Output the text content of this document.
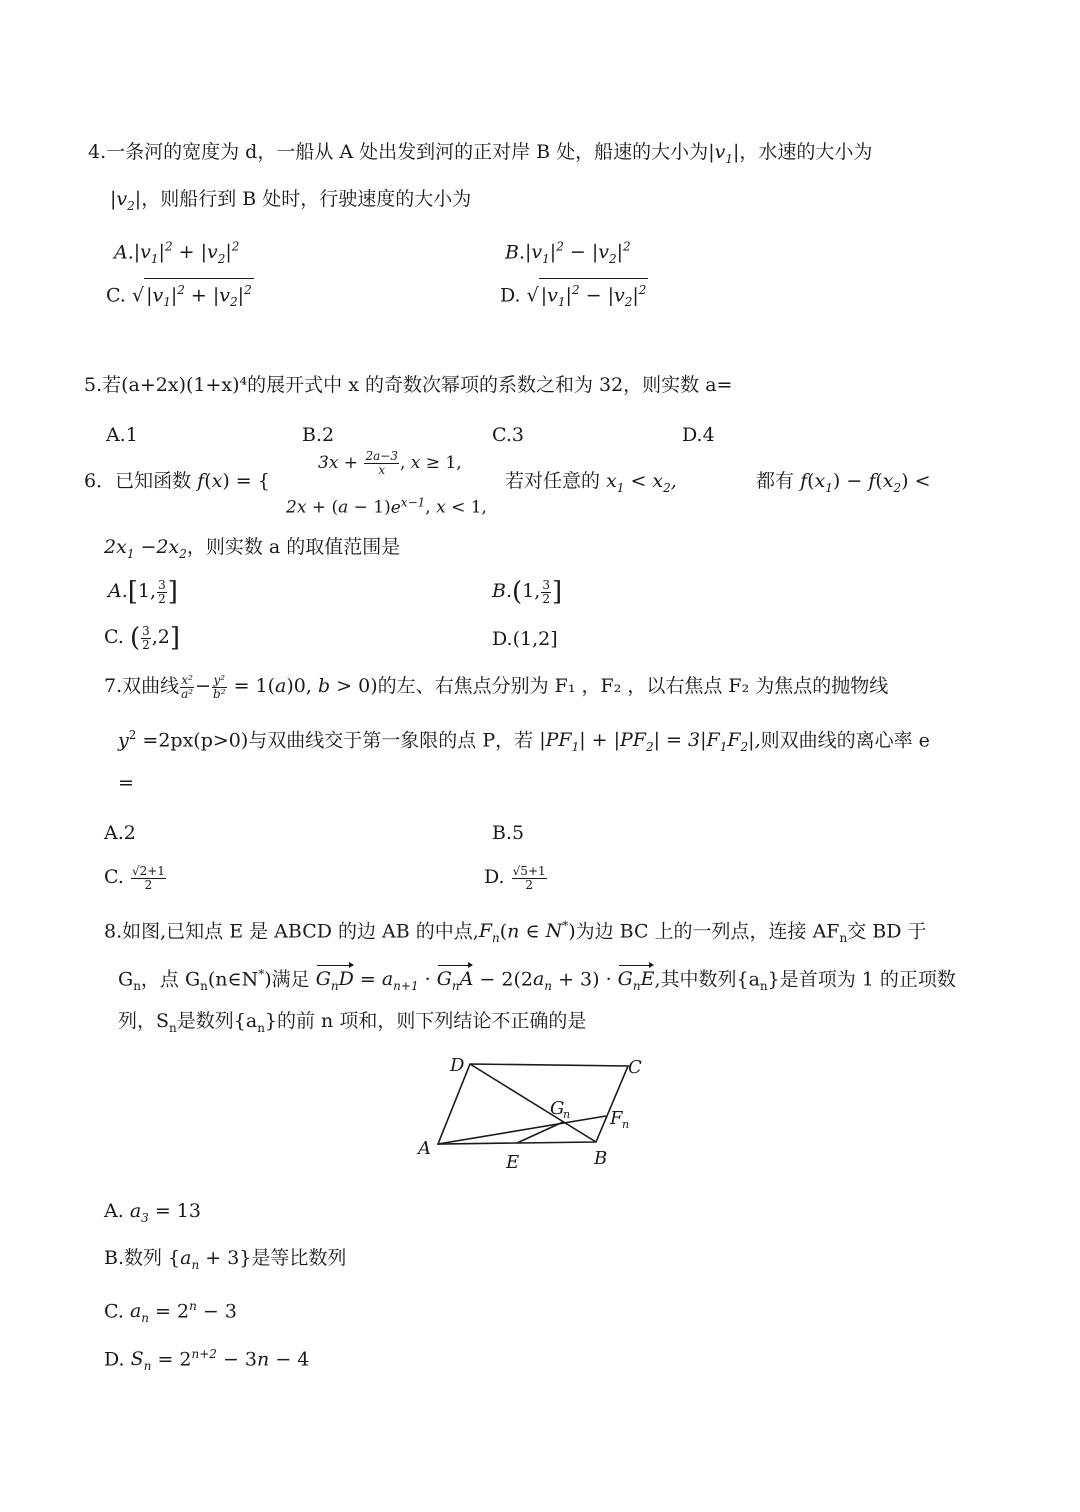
4.一条河的宽度为 d，一船从 A 处出发到河的正对岸 B 处，船速的大小为$|v_1|$，水速的大小为
$|v_2|$，则船行到 B 处时，行驶速度的大小为
$A.|v_1|^2 + |v_2|^2$	$B.|v_1|^2 - |v_2|^2$
C. √ $|v_1|^2 + |v_2|^2$	D. √ $|v_1|^2 - |v_2|^2$
5.若(a+2x)(1+x)⁴的展开式中 x 的奇数次幂项的系数之和为 32，则实数 a=
A.1	B.2	C.3	D.4
6．已知函数 f(x) = {
$3x + \frac{2a-3}{x}$ , x ≥ 1,
$2x + (a - 1)e^{x-1}$, x < 1,
若对任意的 $x_1 < x_2$,	都有 $f(x_1) - f(x_2)$ <
$2x_1 -2x_2$，则实数 a 的取值范围是
A.[1, $\frac{3}{2}$ ]	B.(1, $\frac{3}{2}$ ]
C. ( $\frac{3}{2} ,2$]	D.(1,2]
7.双曲线 $\frac{\text{x²}}{\text{a²}} - \frac{\text{y²}}{\text{b²}} = 1(a)0$, b > 0)的左、右焦点分别为 F₁ ，F₂ ，以右焦点 F₂ 为焦点的抛物线
$y^2 =2px(p>0)$与双曲线交于第一象限的点 P，若 $|PF_1| + |PF_2| = 3|F_1F_2|$,则双曲线的离心率 e
=
A.2	B.5
C. $\frac{√2+1}{2}$	D. $\frac{√5+1}{2}$
8.如图,已知点 E 是 ABCD 的边 AB 的中点$,F_n(n$ ∈ N*)为边 BC 上的一列点，连接 $AF_n$交 BD 于
$G_n$，点 $G_n(n\in N^*)$满足 $G_nD = a_{n+1} \cdot G_nA - 2(2a_n + 3) \cdot G_nE$,其中数列$\{a_n\}$是首项为 1 的正项数
列，$S_n$是数列$\{a_n\}$的前 n 项和，则下列结论不正确的是
D	C
A	B
E
G
n F n
A. $a_3 = 13$
B.数列 $\{a_n + 3\}$是等比数列
C. $a_n = 2^n - 3$
D. $S_n = 2^{n+2} - 3n - 4$
